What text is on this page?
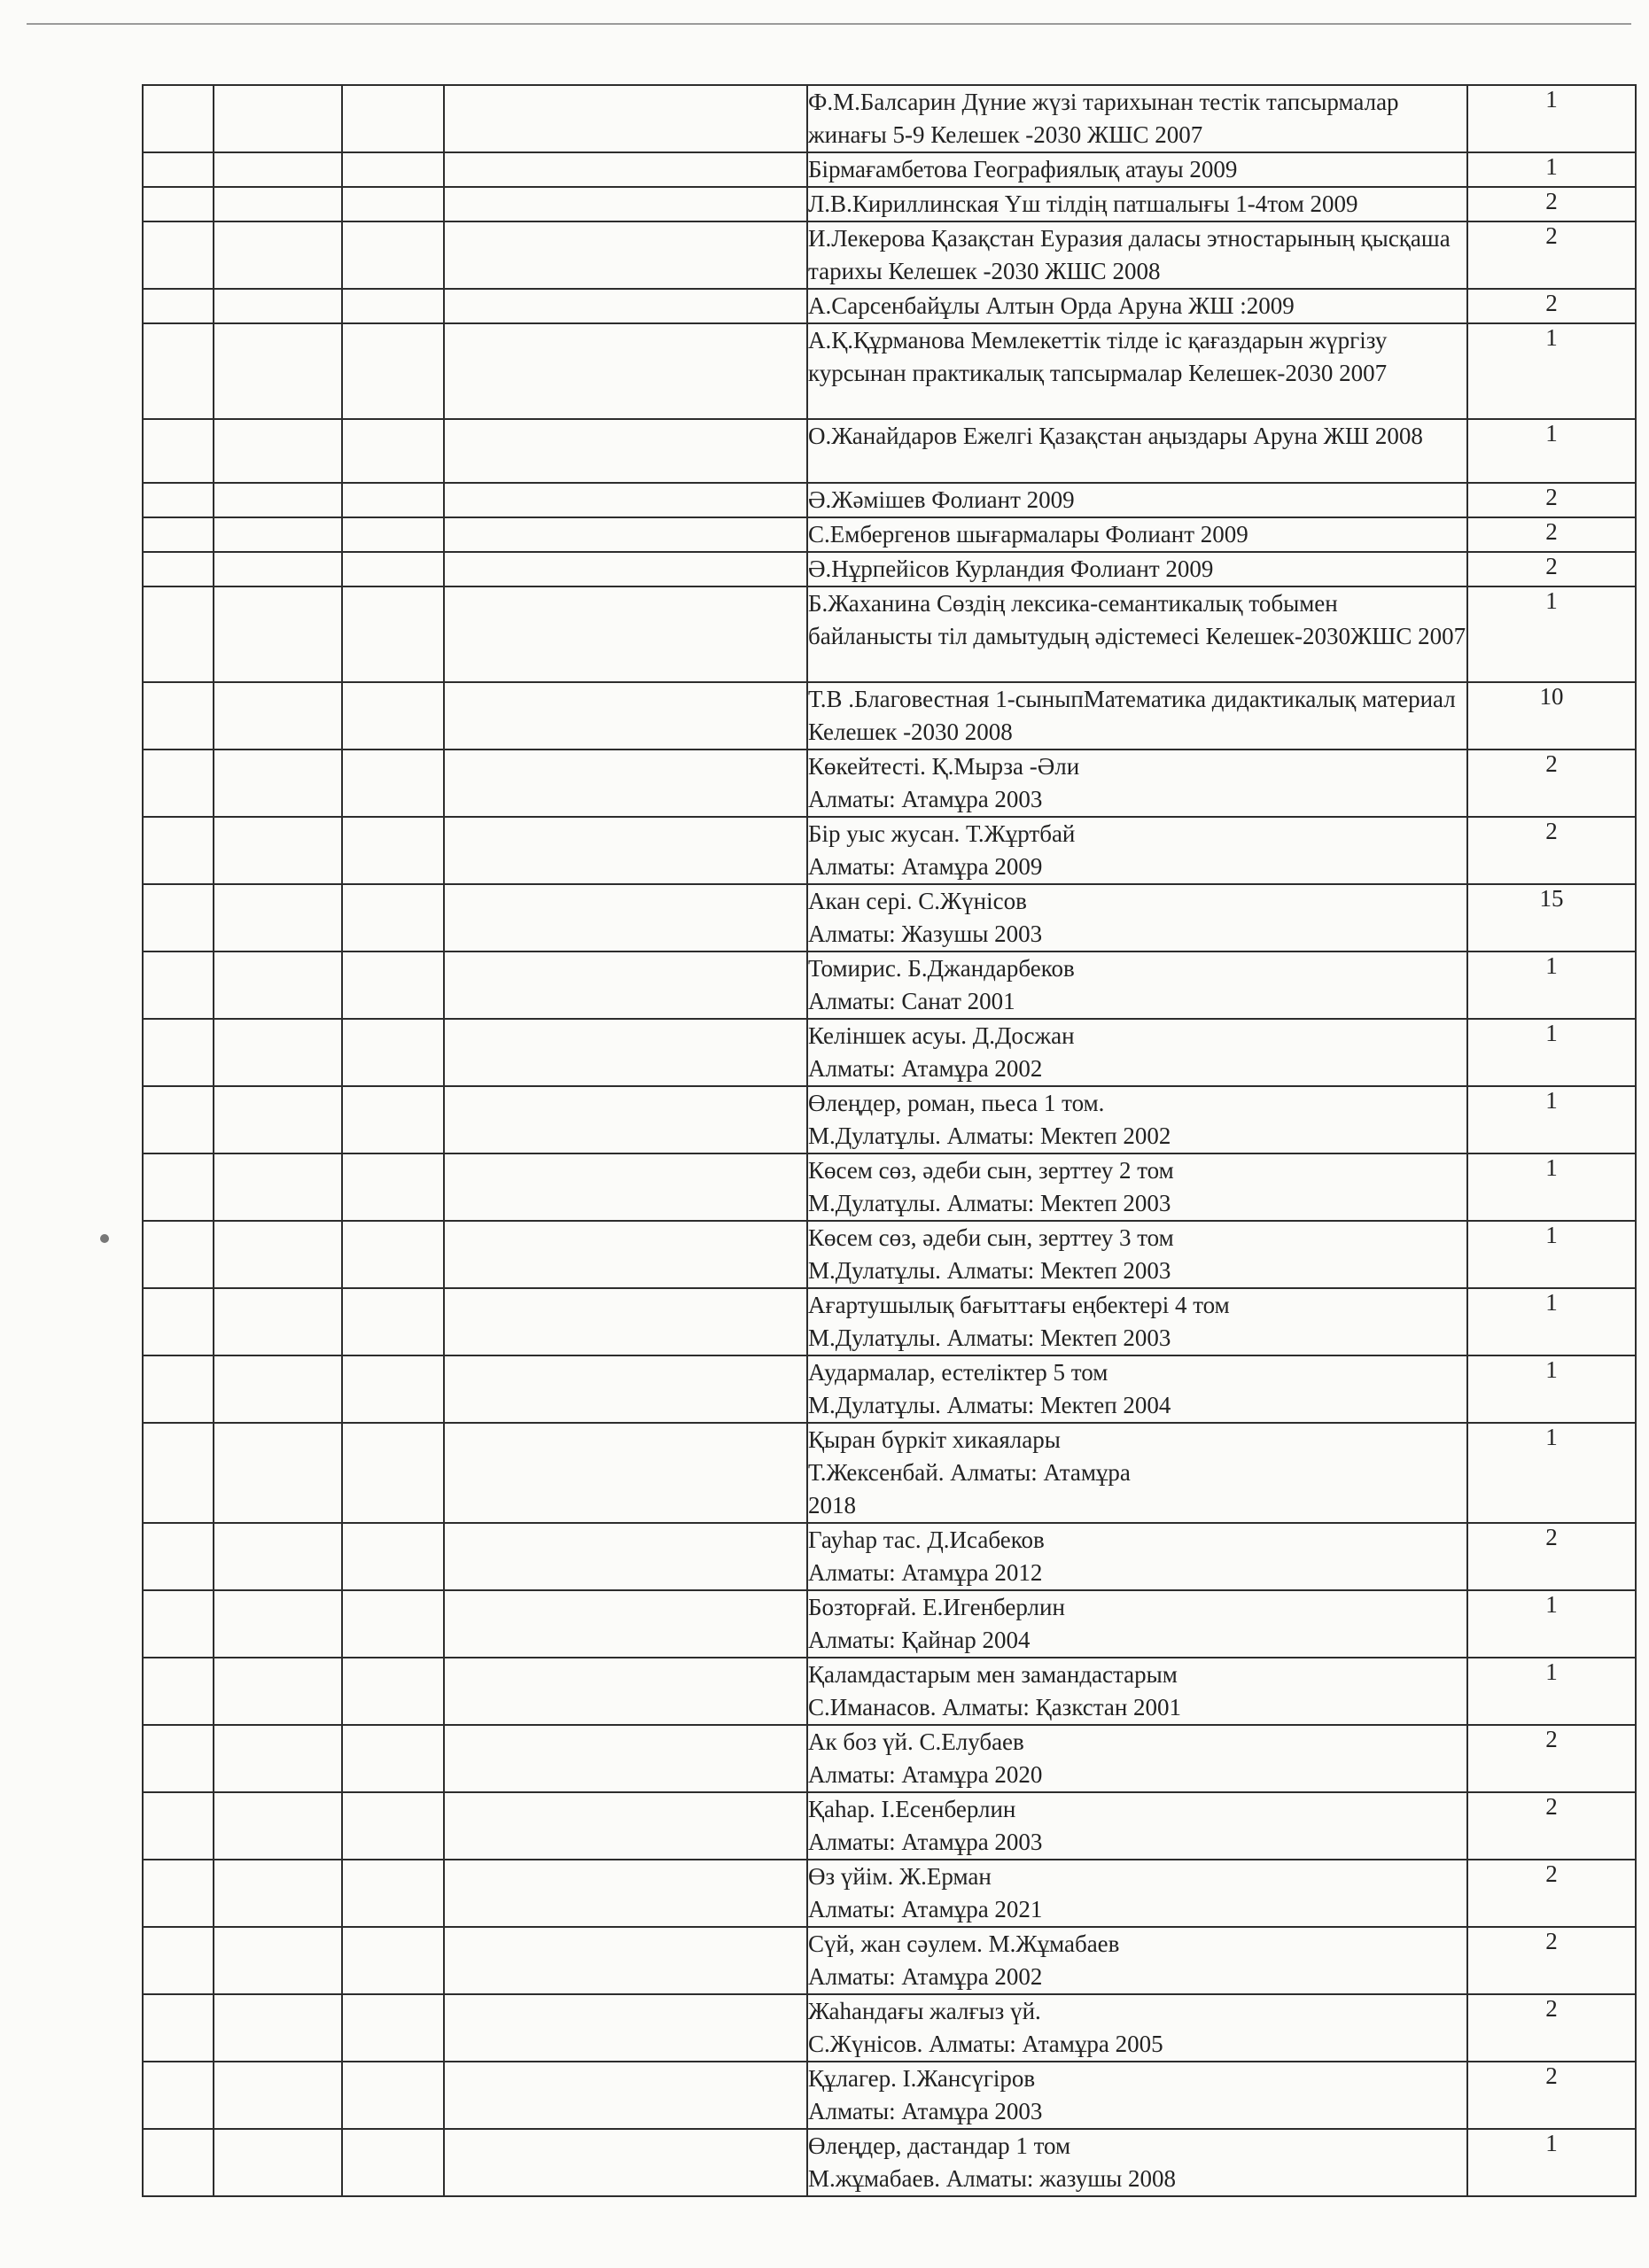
				Ф.М.Балсарин Дүние жүзі тарихынан тестік тапсырмалар жинағы 5-9 Келешек -2030 ЖШС 2007	1
				Бірмағамбетова Географиялық атауы 2009	1
				Л.В.Кириллинская Үш тілдің патшалығы 1-4том 2009	2
				И.Лекерова Қазақстан Еуразия даласы этностарының қысқаша тарихы Келешек -2030 ЖШС 2008	2
				А.Сарсенбайұлы Алтын Орда Аруна ЖШ :2009	2
				А.Қ.Құрманова Мемлекеттік тілде іс қағаздарын жүргізу курсынан практикалық тапсырмалар Келешек-2030 2007	1
				О.Жанайдаров Ежелгі Қазақстан аңыздары Аруна ЖШ 2008	1
				Ә.Жәмішев Фолиант 2009	2
				С.Ембергенов шығармалары Фолиант 2009	2
				Ә.Нұрпейісов Курландия Фолиант 2009	2
				Б.Жаханина Сөздің лексика-семантикалық тобымен байланысты тіл дамытудың әдістемесі Келешек-2030ЖШС 2007	1
				Т.В .Благовестная 1-сыныпМатематика дидактикалық материал Келешек -2030 2008	10
				Көкейтесті. Қ.Мырза -Әли
Алматы: Атамұра 2003	2
				Бір уыс жусан. Т.Жұртбай
Алматы: Атамұра 2009	2
				Акан сері. С.Жүнісов
Алматы: Жазушы 2003	15
				Томирис. Б.Джандарбеков
Алматы: Санат 2001	1
				Келіншек асуы. Д.Досжан
Алматы: Атамұра 2002	1
				Өлеңдер, роман, пьеса 1 том.
М.Дулатұлы. Алматы: Мектеп 2002	1
				Көсем сөз, әдеби сын, зерттеу 2 том
М.Дулатұлы. Алматы: Мектеп 2003	1
				Көсем сөз, әдеби сын, зерттеу 3 том
М.Дулатұлы. Алматы: Мектеп 2003	1
				Ағартушылық бағыттағы еңбектері 4 том
М.Дулатұлы. Алматы: Мектеп 2003	1
				Аудармалар, естеліктер 5 том
М.Дулатұлы. Алматы: Мектеп 2004	1
				Қыран бүркіт хикаялары
Т.Жексенбай. Алматы: Атамұра
2018	1
				Гауһар тас. Д.Исабеков
Алматы: Атамұра 2012	2
				Бозторғай. Е.Игенберлин
Алматы: Қайнар 2004	1
				Қаламдастарым мен замандастарым
С.Иманасов. Алматы: Қазкстан 2001	1
				Ак боз үй. С.Елубаев
Алматы: Атамұра 2020	2
				Қаһар. І.Есенберлин
Алматы: Атамұра 2003	2
				Өз үйім. Ж.Ерман
Алматы: Атамұра 2021	2
				Сүй, жан сәулем. М.Жұмабаев
Алматы: Атамұра 2002	2
				Жаһандағы жалғыз үй.
С.Жүнісов. Алматы: Атамұра 2005	2
				Құлагер. І.Жансүгіров
Алматы: Атамұра 2003	2
				Өлеңдер, дастандар 1 том
М.жұмабаев. Алматы: жазушы 2008	1
